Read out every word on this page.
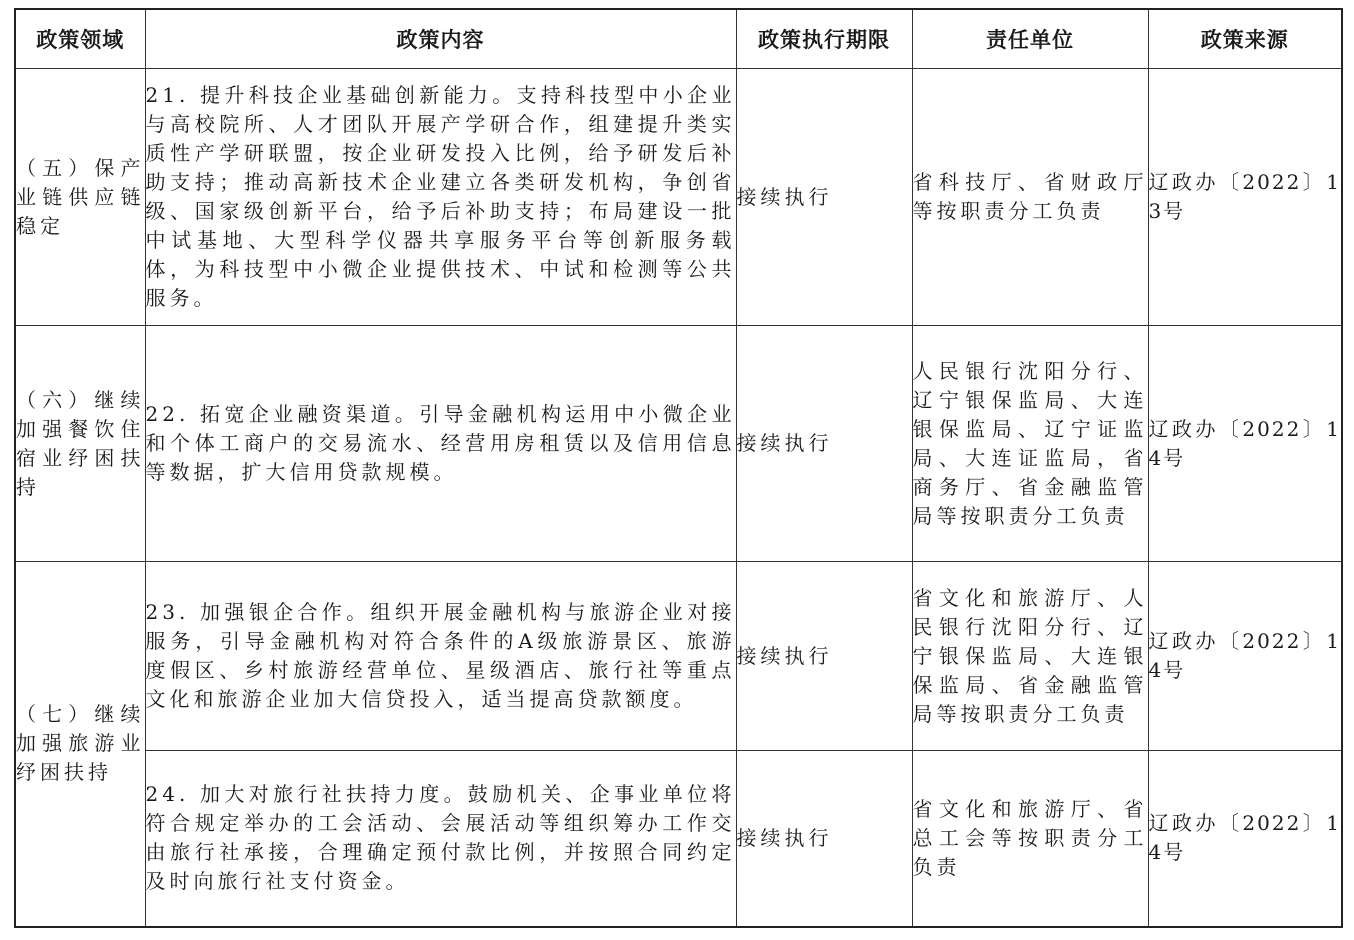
政策领域	政策内容	政策执行期限	责任单位	政策来源
（五）保产业链供应链稳定	21. 提升科技企业基础创新能力。支持科技型中小企业与高校院所、人才团队开展产学研合作，组建提升类实质性产学研联盟，按企业研发投入比例，给予研发后补助支持；推动高新技术企业建立各类研发机构，争创省级、国家级创新平台，给予后补助支持；布局建设一批中试基地、大型科学仪器共享服务平台等创新服务载体，为科技型中小微企业提供技术、中试和检测等公共服务。	接续执行	省科技厅、省财政厅等按职责分工负责	辽政办〔2022〕13号
（六）继续加强餐饮住宿业纾困扶持	22. 拓宽企业融资渠道。引导金融机构运用中小微企业和个体工商户的交易流水、经营用房租赁以及信用信息等数据，扩大信用贷款规模。	接续执行	人民银行沈阳分行、辽宁银保监局、大连银保监局、辽宁证监局、大连证监局，省商务厅、省金融监管局等按职责分工负责	辽政办〔2022〕14号
（七）继续加强旅游业纾困扶持	23. 加强银企合作。组织开展金融机构与旅游企业对接服务，引导金融机构对符合条件的A级旅游景区、旅游度假区、乡村旅游经营单位、星级酒店、旅行社等重点文化和旅游企业加大信贷投入，适当提高贷款额度。	接续执行	省文化和旅游厅、人民银行沈阳分行、辽宁银保监局、大连银保监局、省金融监管局等按职责分工负责	辽政办〔2022〕14号
	24. 加大对旅行社扶持力度。鼓励机关、企事业单位将符合规定举办的工会活动、会展活动等组织筹办工作交由旅行社承接，合理确定预付款比例，并按照合同约定及时向旅行社支付资金。	接续执行	省文化和旅游厅、省总工会等按职责分工负责	辽政办〔2022〕14号
